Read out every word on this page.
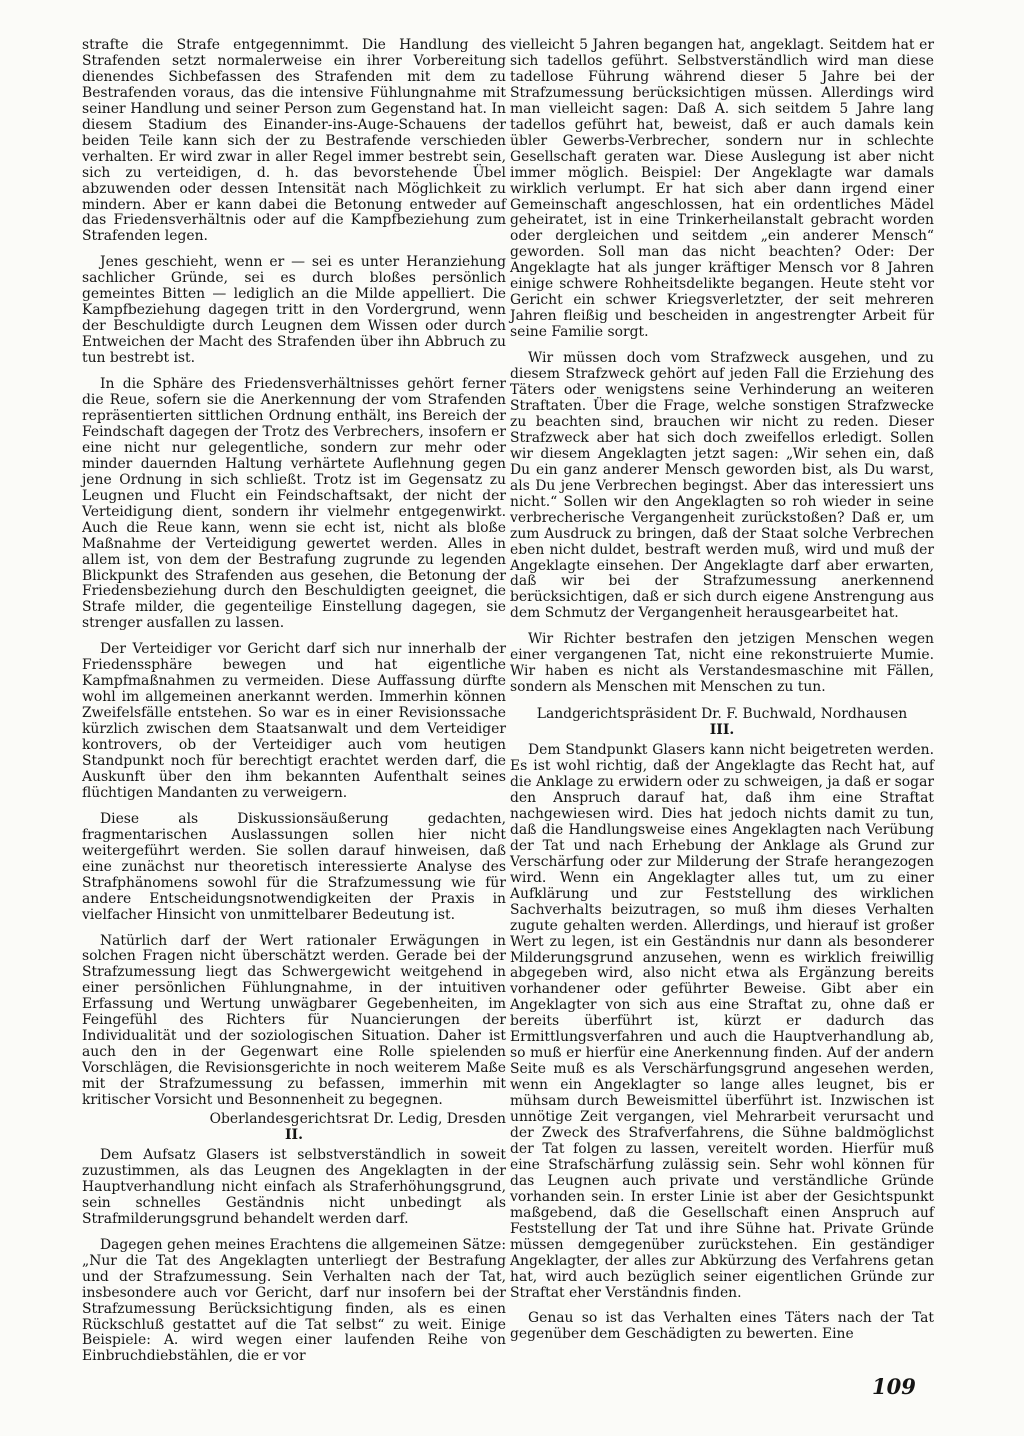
strafte die Strafe entgegennimmt. Die Handlung des Strafenden setzt normalerweise ein ihrer Vorbereitung dienendes Sichbefassen des Strafenden mit dem zu Bestrafenden voraus, das die intensive Fühlungnahme mit seiner Handlung und seiner Person zum Gegenstand hat. In diesem Stadium des Einander-ins-Auge-Schauens der beiden Teile kann sich der zu Bestrafende verschieden verhalten. Er wird zwar in aller Regel immer bestrebt sein, sich zu verteidigen, d. h. das bevorstehende Übel abzuwenden oder dessen Intensität nach Möglichkeit zu mindern. Aber er kann dabei die Betonung entweder auf das Friedensverhältnis oder auf die Kampfbeziehung zum Strafenden legen.

Jenes geschieht, wenn er — sei es unter Heranziehung sachlicher Gründe, sei es durch bloßes persönlich gemeintes Bitten — lediglich an die Milde appelliert. Die Kampfbeziehung dagegen tritt in den Vordergrund, wenn der Beschuldigte durch Leugnen dem Wissen oder durch Entweichen der Macht des Strafenden über ihn Abbruch zu tun bestrebt ist.

In die Sphäre des Friedensverhältnisses gehört ferner die Reue, sofern sie die Anerkennung der vom Strafenden repräsentierten sittlichen Ordnung enthält, ins Bereich der Feindschaft dagegen der Trotz des Verbrechers, insofern er eine nicht nur gelegentliche, sondern zur mehr oder minder dauernden Haltung verhärtete Auflehnung gegen jene Ordnung in sich schließt. Trotz ist im Gegensatz zu Leugnen und Flucht ein Feindschaftsakt, der nicht der Verteidigung dient, sondern ihr vielmehr entgegenwirkt. Auch die Reue kann, wenn sie echt ist, nicht als bloße Maßnahme der Verteidigung gewertet werden. Alles in allem ist, von dem der Bestrafung zugrunde zu legenden Blickpunkt des Strafenden aus gesehen, die Betonung der Friedensbeziehung durch den Beschuldigten geeignet, die Strafe milder, die gegenteilige Einstellung dagegen, sie strenger ausfallen zu lassen.

Der Verteidiger vor Gericht darf sich nur innerhalb der Friedenssphäre bewegen und hat eigentliche Kampfmaßnahmen zu vermeiden. Diese Auffassung dürfte wohl im allgemeinen anerkannt werden. Immerhin können Zweifelsfälle entstehen. So war es in einer Revisionssache kürzlich zwischen dem Staatsanwalt und dem Verteidiger kontrovers, ob der Verteidiger auch vom heutigen Standpunkt noch für berechtigt erachtet werden darf, die Auskunft über den ihm bekannten Aufenthalt seines flüchtigen Mandanten zu verweigern.

Diese als Diskussionsäußerung gedachten, fragmentarischen Auslassungen sollen hier nicht weitergeführt werden. Sie sollen darauf hinweisen, daß eine zunächst nur theoretisch interessierte Analyse des Strafphänomens sowohl für die Strafzumessung wie für andere Entscheidungsnotwendigkeiten der Praxis in vielfacher Hinsicht von unmittelbarer Bedeutung ist.

Natürlich darf der Wert rationaler Erwägungen in solchen Fragen nicht überschätzt werden. Gerade bei der Strafzumessung liegt das Schwergewicht weitgehend in einer persönlichen Fühlungnahme, in der intuitiven Erfassung und Wertung unwägbarer Gegebenheiten, im Feingefühl des Richters für Nuancierungen der Individualität und der soziologischen Situation. Daher ist auch den in der Gegenwart eine Rolle spielenden Vorschlägen, die Revisionsgerichte in noch weiterem Maße mit der Strafzumessung zu befassen, immerhin mit kritischer Vorsicht und Besonnenheit zu begegnen.

Oberlandesgerichtsrat Dr. Ledig, Dresden
II.

Dem Aufsatz Glasers ist selbstverständlich in soweit zuzustimmen, als das Leugnen des Angeklagten in der Hauptverhandlung nicht einfach als Straferhöhungsgrund, sein schnelles Geständnis nicht unbedingt als Strafmilderungsgrund behandelt werden darf.

Dagegen gehen meines Erachtens die allgemeinen Sätze: „Nur die Tat des Angeklagten unterliegt der Bestrafung und der Strafzumessung. Sein Verhalten nach der Tat, insbesondere auch vor Gericht, darf nur insofern bei der Strafzumessung Berücksichtigung finden, als es einen Rückschluß gestattet auf die Tat selbst“ zu weit. Einige Beispiele: A. wird wegen einer laufenden Reihe von Einbruchdiebstählen, die er vor

vielleicht 5 Jahren begangen hat, angeklagt. Seitdem hat er sich tadellos geführt. Selbstverständlich wird man diese tadellose Führung während dieser 5 Jahre bei der Strafzumessung berücksichtigen müssen. Allerdings wird man vielleicht sagen: Daß A. sich seitdem 5 Jahre lang tadellos geführt hat, beweist, daß er auch damals kein übler Gewerbs-Verbrecher, sondern nur in schlechte Gesellschaft geraten war. Diese Auslegung ist aber nicht immer möglich. Beispiel: Der Angeklagte war damals wirklich verlumpt. Er hat sich aber dann irgend einer Gemeinschaft angeschlossen, hat ein ordentliches Mädel geheiratet, ist in eine Trinkerheilanstalt gebracht worden oder dergleichen und seitdem „ein anderer Mensch“ geworden. Soll man das nicht beachten? Oder: Der Angeklagte hat als junger kräftiger Mensch vor 8 Jahren einige schwere Rohheitsdelikte begangen. Heute steht vor Gericht ein schwer Kriegsverletzter, der seit mehreren Jahren fleißig und bescheiden in angestrengter Arbeit für seine Familie sorgt.

Wir müssen doch vom Strafzweck ausgehen, und zu diesem Strafzweck gehört auf jeden Fall die Erziehung des Täters oder wenigstens seine Verhinderung an weiteren Straftaten. Über die Frage, welche sonstigen Strafzwecke zu beachten sind, brauchen wir nicht zu reden. Dieser Strafzweck aber hat sich doch zweifellos erledigt. Sollen wir diesem Angeklagten jetzt sagen: „Wir sehen ein, daß Du ein ganz anderer Mensch geworden bist, als Du warst, als Du jene Verbrechen begingst. Aber das interessiert uns nicht.“ Sollen wir den Angeklagten so roh wieder in seine verbrecherische Vergangenheit zurückstoßen? Daß er, um zum Ausdruck zu bringen, daß der Staat solche Verbrechen eben nicht duldet, bestraft werden muß, wird und muß der Angeklagte einsehen. Der Angeklagte darf aber erwarten, daß wir bei der Strafzumessung anerkennend berücksichtigen, daß er sich durch eigene Anstrengung aus dem Schmutz der Vergangenheit herausgearbeitet hat.

Wir Richter bestrafen den jetzigen Menschen wegen einer vergangenen Tat, nicht eine rekonstruierte Mumie. Wir haben es nicht als Verstandesmaschine mit Fällen, sondern als Menschen mit Menschen zu tun.

Landgerichtspräsident Dr. F. Buchwald, Nordhausen
III.

Dem Standpunkt Glasers kann nicht beigetreten werden. Es ist wohl richtig, daß der Angeklagte das Recht hat, auf die Anklage zu erwidern oder zu schweigen, ja daß er sogar den Anspruch darauf hat, daß ihm eine Straftat nachgewiesen wird. Dies hat jedoch nichts damit zu tun, daß die Handlungsweise eines Angeklagten nach Verübung der Tat und nach Erhebung der Anklage als Grund zur Verschärfung oder zur Milderung der Strafe herangezogen wird. Wenn ein Angeklagter alles tut, um zu einer Aufklärung und zur Feststellung des wirklichen Sachverhalts beizutragen, so muß ihm dieses Verhalten zugute gehalten werden. Allerdings, und hierauf ist großer Wert zu legen, ist ein Geständnis nur dann als besonderer Milderungsgrund anzusehen, wenn es wirklich freiwillig abgegeben wird, also nicht etwa als Ergänzung bereits vorhandener oder geführter Beweise. Gibt aber ein Angeklagter von sich aus eine Straftat zu, ohne daß er bereits überführt ist, kürzt er dadurch das Ermittlungsverfahren und auch die Hauptverhandlung ab, so muß er hierfür eine Anerkennung finden. Auf der andern Seite muß es als Verschärfungsgrund angesehen werden, wenn ein Angeklagter so lange alles leugnet, bis er mühsam durch Beweismittel überführt ist. Inzwischen ist unnötige Zeit vergangen, viel Mehrarbeit verursacht und der Zweck des Strafverfahrens, die Sühne baldmöglichst der Tat folgen zu lassen, vereitelt worden. Hierfür muß eine Strafschärfung zulässig sein. Sehr wohl können für das Leugnen auch private und verständliche Gründe vorhanden sein. In erster Linie ist aber der Gesichtspunkt maßgebend, daß die Gesellschaft einen Anspruch auf Feststellung der Tat und ihre Sühne hat. Private Gründe müssen demgegenüber zurückstehen. Ein geständiger Angeklagter, der alles zur Abkürzung des Verfahrens getan hat, wird auch bezüglich seiner eigentlichen Gründe zur Straftat eher Verständnis finden.

Genau so ist das Verhalten eines Täters nach der Tat gegenüber dem Geschädigten zu bewerten. Eine

109
